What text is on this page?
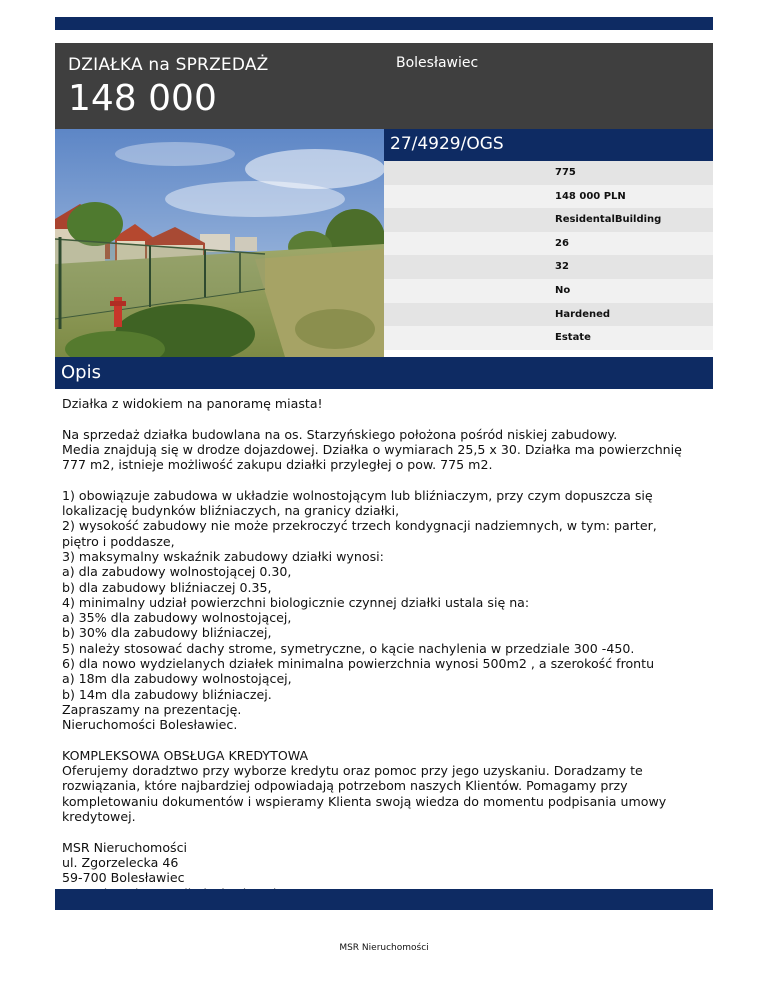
DZIAŁKA na SPRZEDAŻ
148 000
Bolesławiec
27/4929/OGS
775
148 000 PLN
ResidentalBuilding
26
32
No
Hardened
Estate
Opis
Działka z widokiem na panoramę miasta!

Na sprzedaż działka budowlana na os. Starzyńskiego położona pośród niskiej zabudowy.
Media znajdują się w drodze dojazdowej. Działka o wymiarach 25,5 x 30. Działka ma powierzchnię
777 m2, istnieje możliwość zakupu działki przyległej o pow. 775 m2.

1) obowiązuje zabudowa w układzie wolnostojącym lub bliźniaczym, przy czym dopuszcza się
lokalizację budynków bliźniaczych, na granicy działki,
2) wysokość zabudowy nie może przekroczyć trzech kondygnacji nadziemnych, w tym: parter,
piętro i poddasze,
3) maksymalny wskaźnik zabudowy działki wynosi:
a) dla zabudowy wolnostojącej 0.30,
b) dla zabudowy bliźniaczej 0.35,
4) minimalny udział powierzchni biologicznie czynnej działki ustala się na:
a) 35% dla zabudowy wolnostojącej,
b) 30% dla zabudowy bliźniaczej,
5) należy stosować dachy strome, symetryczne, o kącie nachylenia w przedziale 300 -450.
6) dla nowo wydzielanych działek minimalna powierzchnia wynosi 500m2 , a szerokość frontu
a) 18m dla zabudowy wolnostojącej,
b) 14m dla zabudowy bliźniaczej.
Zapraszamy na prezentację.
Nieruchomości Bolesławiec.

KOMPLEKSOWA OBSŁUGA KREDYTOWA
Oferujemy doradztwo przy wyborze kredytu oraz pomoc przy jego uzyskaniu. Doradzamy te
rozwiązania, które najbardziej odpowiadają potrzebom naszych Klientów. Pomagamy przy
kompletowaniu dokumentów i wspieramy Klienta swoją wiedza do momentu podpisania umowy
kredytowej.

MSR Nieruchomości
ul. Zgorzelecka 46
59-700 Bolesławiec

MSR Nieruchomości
